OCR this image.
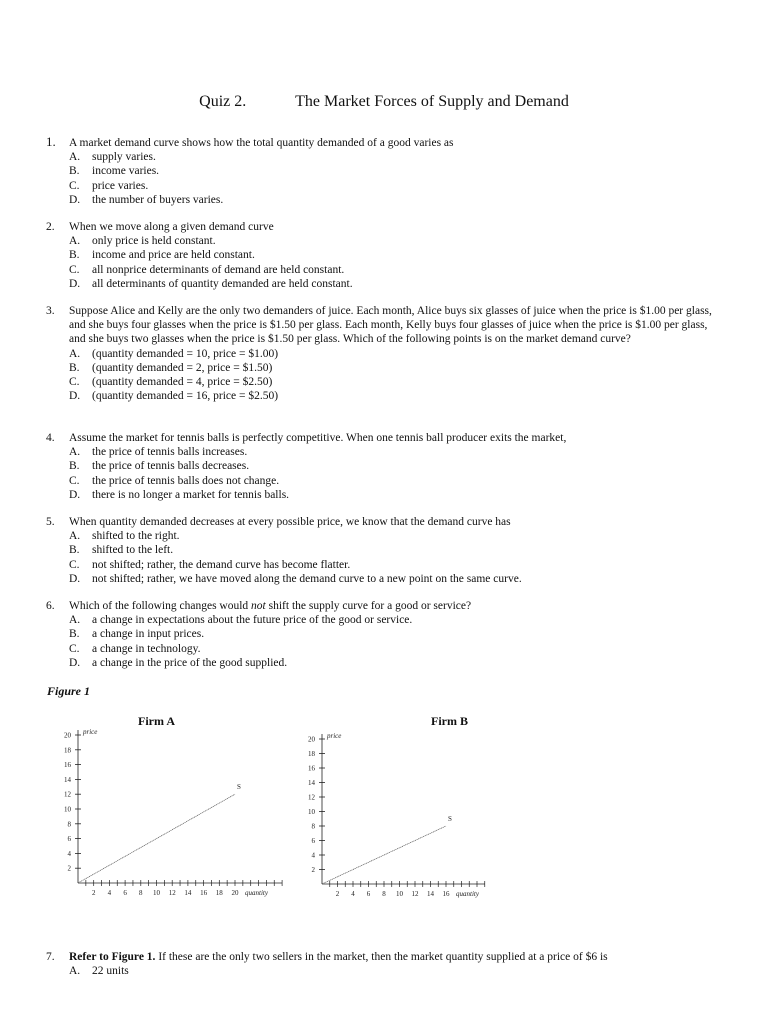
Quiz 2.	The Market Forces of Supply and Demand
1. A market demand curve shows how the total quantity demanded of a good varies as
A. supply varies.
B. income varies.
C. price varies.
D. the number of buyers varies.
2. When we move along a given demand curve
A. only price is held constant.
B. income and price are held constant.
C. all nonprice determinants of demand are held constant.
D. all determinants of quantity demanded are held constant.
3. Suppose Alice and Kelly are the only two demanders of juice. Each month, Alice buys six glasses of juice when the price is $1.00 per glass, and she buys four glasses when the price is $1.50 per glass. Each month, Kelly buys four glasses of juice when the price is $1.00 per glass, and she buys two glasses when the price is $1.50 per glass. Which of the following points is on the market demand curve?
A. (quantity demanded = 10, price = $1.00)
B. (quantity demanded = 2, price = $1.50)
C. (quantity demanded = 4, price = $2.50)
D. (quantity demanded = 16, price = $2.50)
4. Assume the market for tennis balls is perfectly competitive. When one tennis ball producer exits the market,
A. the price of tennis balls increases.
B. the price of tennis balls decreases.
C. the price of tennis balls does not change.
D. there is no longer a market for tennis balls.
5. When quantity demanded decreases at every possible price, we know that the demand curve has
A. shifted to the right.
B. shifted to the left.
C. not shifted; rather, the demand curve has become flatter.
D. not shifted; rather, we have moved along the demand curve to a new point on the same curve.
6. Which of the following changes would not shift the supply curve for a good or service?
A. a change in expectations about the future price of the good or service.
B. a change in input prices.
C. a change in technology.
D. a change in the price of the good supplied.
Figure 1
Firm A	Firm B
2
4
6
8
10
12
14
16
18
20
2 4 6 8 10 12 14 16 18 20
price
quantity
S
2
4
6
8
10
12
14
16
18
20
2 4 6 8 10 12 14 16
price
quantity
S
7. Refer to Figure 1. If these are the only two sellers in the market, then the market quantity supplied at a price of $6 is
A. 22 units
